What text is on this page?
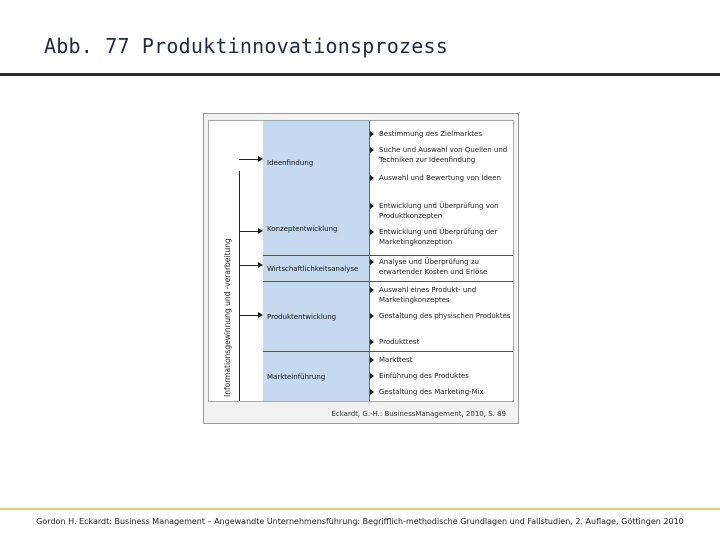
Abb. 77 Produktinnovationsprozess
Informationsgewinnung und -verarbeitung
Ideenfindung
Konzeptentwicklung
Wirtschaftlichkeitsanalyse
Produktentwicklung
Markteinführung
Bestimmung des Zielmarktes
Suche und Auswahl von Quellen und Techniken zur Ideenfindung
Auswahl und Bewertung von Ideen
Entwicklung und Überprüfung von Produktkonzepten
Entwicklung und Überprüfung der Marketingkonzeption
Analyse und Überprüfung zu erwartender Kosten und Erlöse
Auswahl eines Produkt- und Marketingkonzeptes
Gestaltung des physischen Produktes
Produkttest
Markttest
Einführung des Produktes
Gestaltung des Marketing-Mix
Eckardt, G.-H.: BusinessManagement, 2010, S. 89
Gordon H. Eckardt: Business Management – Angewandte Unternehmensführung: Begrifflich-methodische Grundlagen und Fallstudien, 2. Auflage, Göttingen 2010
